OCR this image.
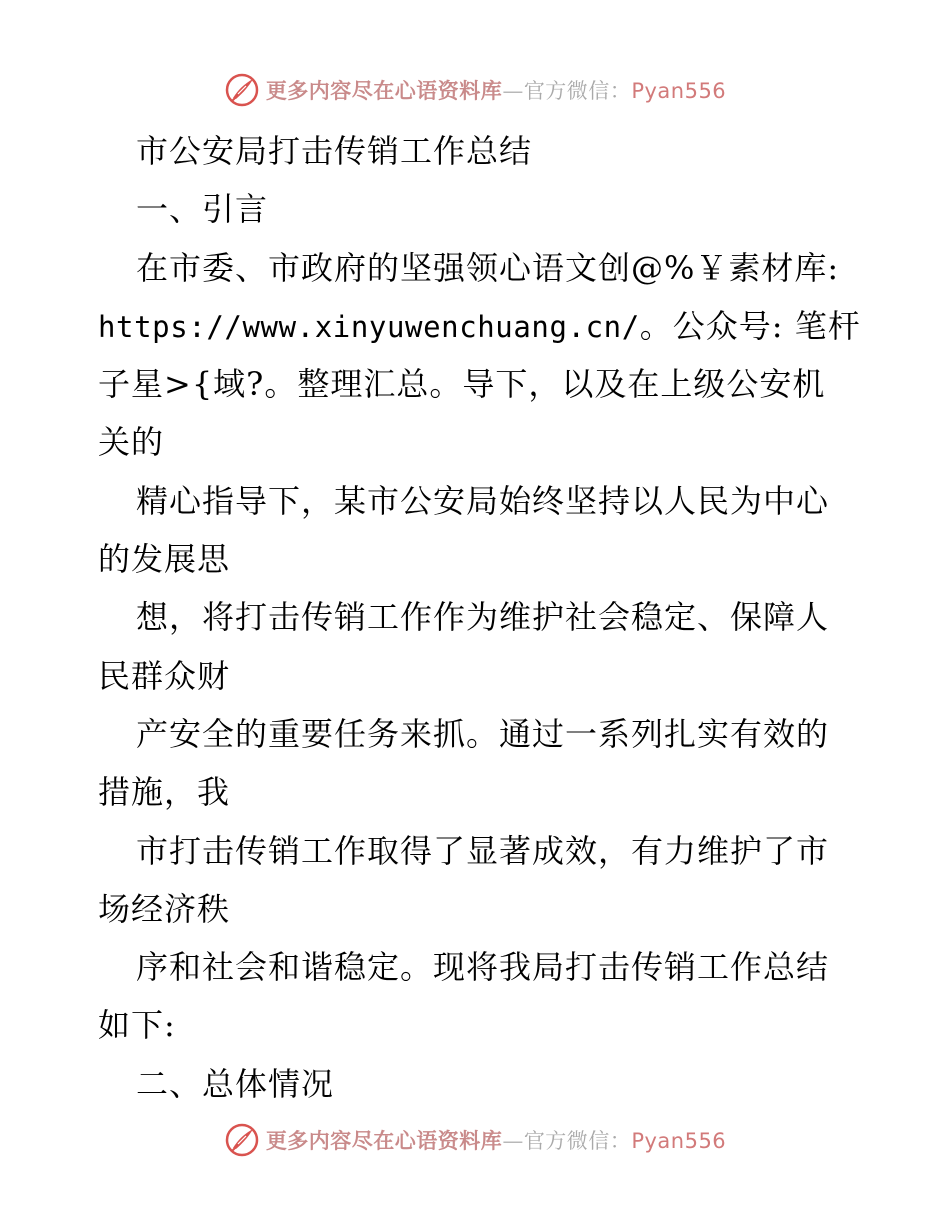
更多内容尽在心语资料库—官方微信：Pyan556
市公安局打击传销工作总结
一、引言
在市委、市政府的坚强领心语文创@%￥素材库:
https://www.xinyuwenchuang.cn/。公众号: 笔杆
子星>{域?。整理汇总。导下，以及在上级公安机
关的
精心指导下，某市公安局始终坚持以人民为中心
的发展思
想，将打击传销工作作为维护社会稳定、保障人
民群众财
产安全的重要任务来抓。通过一系列扎实有效的
措施，我
市打击传销工作取得了显著成效，有力维护了市
场经济秩
序和社会和谐稳定。现将我局打击传销工作总结
如下:
二、总体情况
更多内容尽在心语资料库—官方微信：Pyan556
